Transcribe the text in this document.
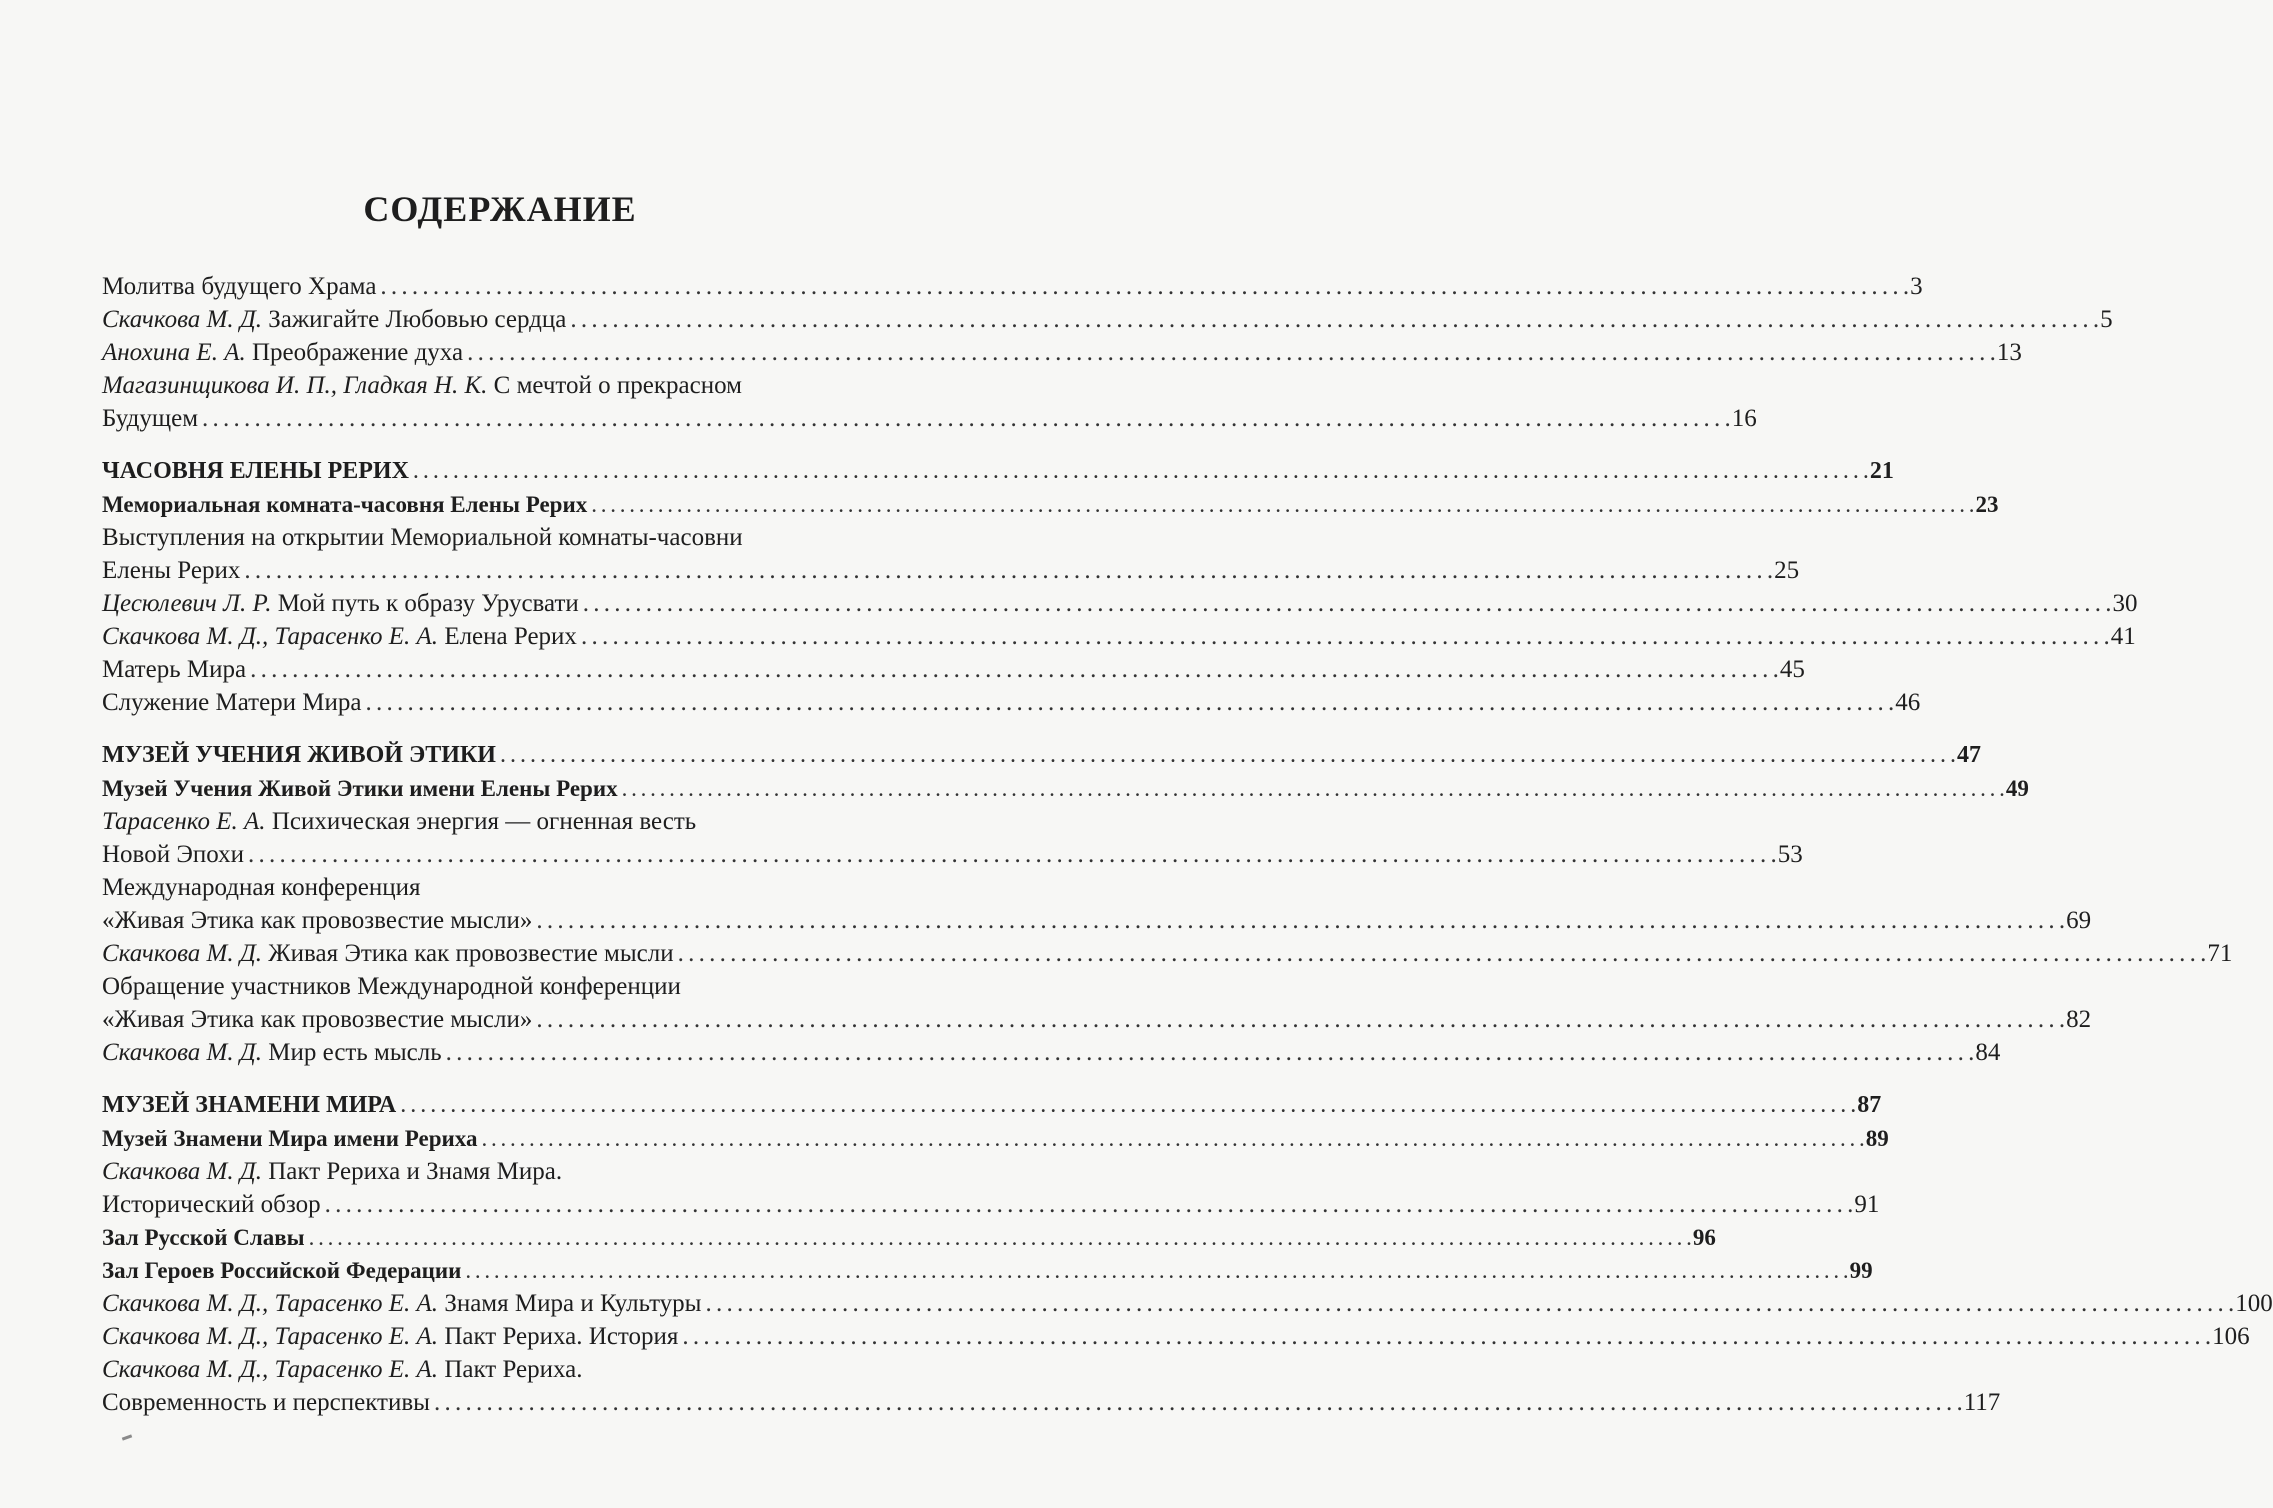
СОДЕРЖАНИЕ
Молитва будущего Храма . . .	3
Скачкова М. Д. Зажигайте Любовью сердца . . .	5
Анохина Е. А. Преображение духа . . .	13
Магазинщикова И. П., Гладкая Н. К. С мечтой о прекрасном
Будущем . . .	16
ЧАСОВНЯ ЕЛЕНЫ РЕРИХ . . .	21
Мемориальная комната-часовня Елены Рерих . . .	23
Выступления на открытии Мемориальной комнаты-часовни
Елены Рерих . . .	25
Цесюлевич Л. Р. Мой путь к образу Урусвати . . .	30
Скачкова М. Д., Тарасенко Е. А. Елена Рерих . . .	41
Матерь Мира . . .	45
Служение Матери Мира . . .	46
МУЗЕЙ УЧЕНИЯ ЖИВОЙ ЭТИКИ . . .	47
Музей Учения Живой Этики имени Елены Рерих . . .	49
Тарасенко Е. А. Психическая энергия — огненная весть
Новой Эпохи . . .	53
Международная конференция
«Живая Этика как провозвестие мысли» . . .	69
Скачкова М. Д. Живая Этика как провозвестие мысли . . .	71
Обращение участников Международной конференции
«Живая Этика как провозвестие мысли» . . .	82
Скачкова М. Д. Мир есть мысль . . .	84
МУЗЕЙ ЗНАМЕНИ МИРА . . .	87
Музей Знамени Мира имени Рериха . . .	89
Скачкова М. Д. Пакт Рериха и Знамя Мира.
Исторический обзор . . .	91
Зал Русской Славы . . .	96
Зал Героев Российской Федерации . . .	99
Скачкова М. Д., Тарасенко Е. А. Знамя Мира и Культуры . . .	100
Скачкова М. Д., Тарасенко Е. А. Пакт Рериха. История . . .	106
Скачкова М. Д., Тарасенко Е. А. Пакт Рериха.
Современность и перспективы . . .	117
